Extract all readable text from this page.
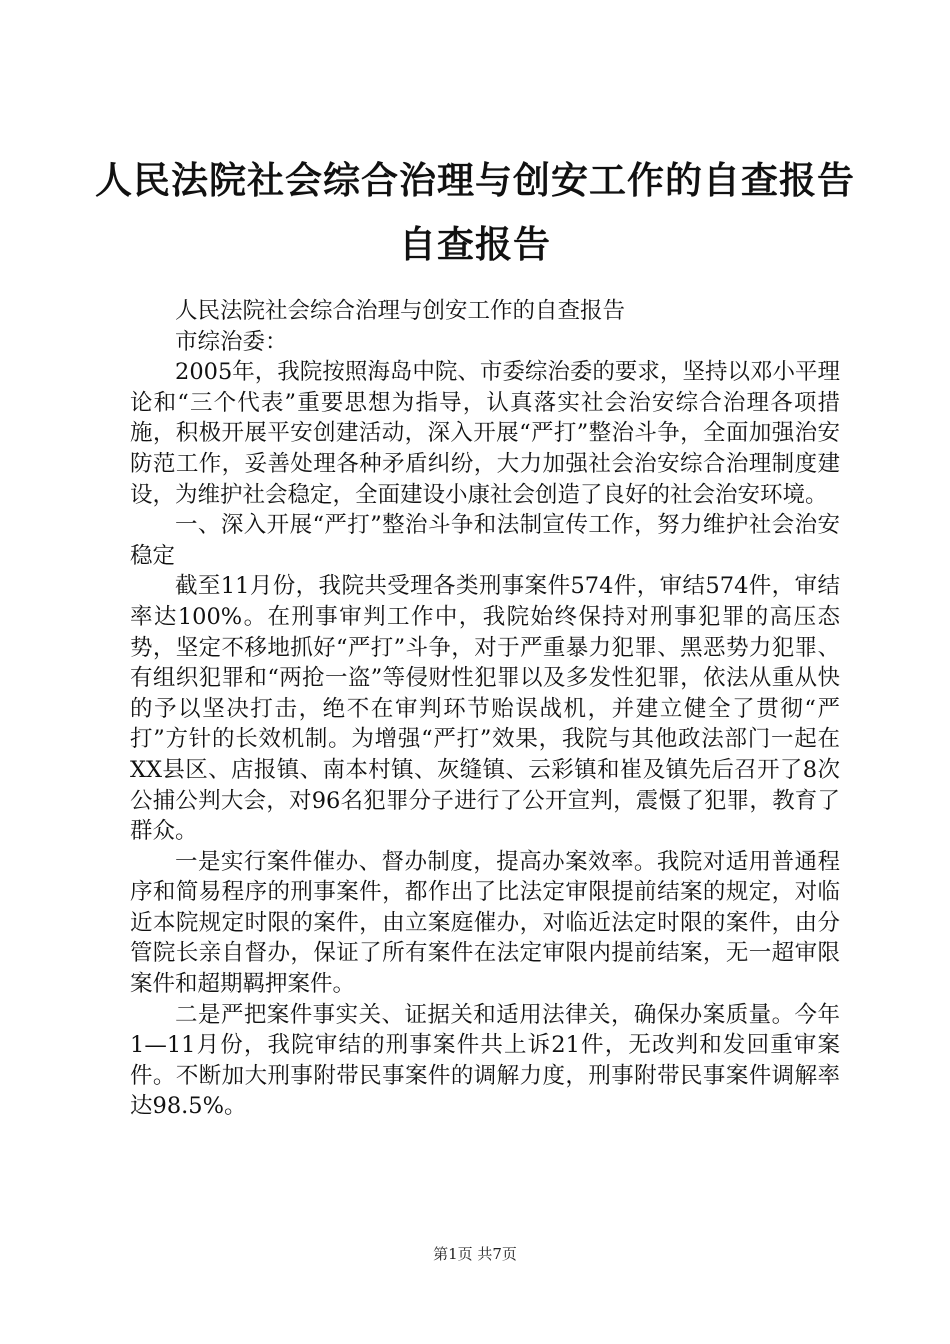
人民法院社会综合治理与创安工作的自查报告
自查报告

人民法院社会综合治理与创安工作的自查报告

市综治委：

2005年，我院按照海岛中院、市委综治委的要求，坚持以邓小平理论和“三个代表”重要思想为指导，认真落实社会治安综合治理各项措施，积极开展平安创建活动，深入开展“严打”整治斗争，全面加强治安防范工作，妥善处理各种矛盾纠纷，大力加强社会治安综合治理制度建设，为维护社会稳定，全面建设小康社会创造了良好的社会治安环境。

一、深入开展“严打”整治斗争和法制宣传工作，努力维护社会治安稳定

截至11月份，我院共受理各类刑事案件574件，审结574件，审结率达100%。在刑事审判工作中，我院始终保持对刑事犯罪的高压态势，坚定不移地抓好“严打”斗争，对于严重暴力犯罪、黑恶势力犯罪、有组织犯罪和“两抢一盗”等侵财性犯罪以及多发性犯罪，依法从重从快的予以坚决打击，绝不在审判环节贻误战机，并建立健全了贯彻“严打”方针的长效机制。为增强“严打”效果，我院与其他政法部门一起在XX县区、店报镇、南本村镇、灰缝镇、云彩镇和崔及镇先后召开了8次公捕公判大会，对96名犯罪分子进行了公开宣判，震慑了犯罪，教育了群众。

一是实行案件催办、督办制度，提高办案效率。我院对适用普通程序和简易程序的刑事案件，都作出了比法定审限提前结案的规定，对临近本院规定时限的案件，由立案庭催办，对临近法定时限的案件，由分管院长亲自督办，保证了所有案件在法定审限内提前结案，无一超审限案件和超期羁押案件。

二是严把案件事实关、证据关和适用法律关，确保办案质量。今年1—11月份，我院审结的刑事案件共上诉21件，无改判和发回重审案件。不断加大刑事附带民事案件的调解力度，刑事附带民事案件调解率达98.5%。

第1页 共7页
